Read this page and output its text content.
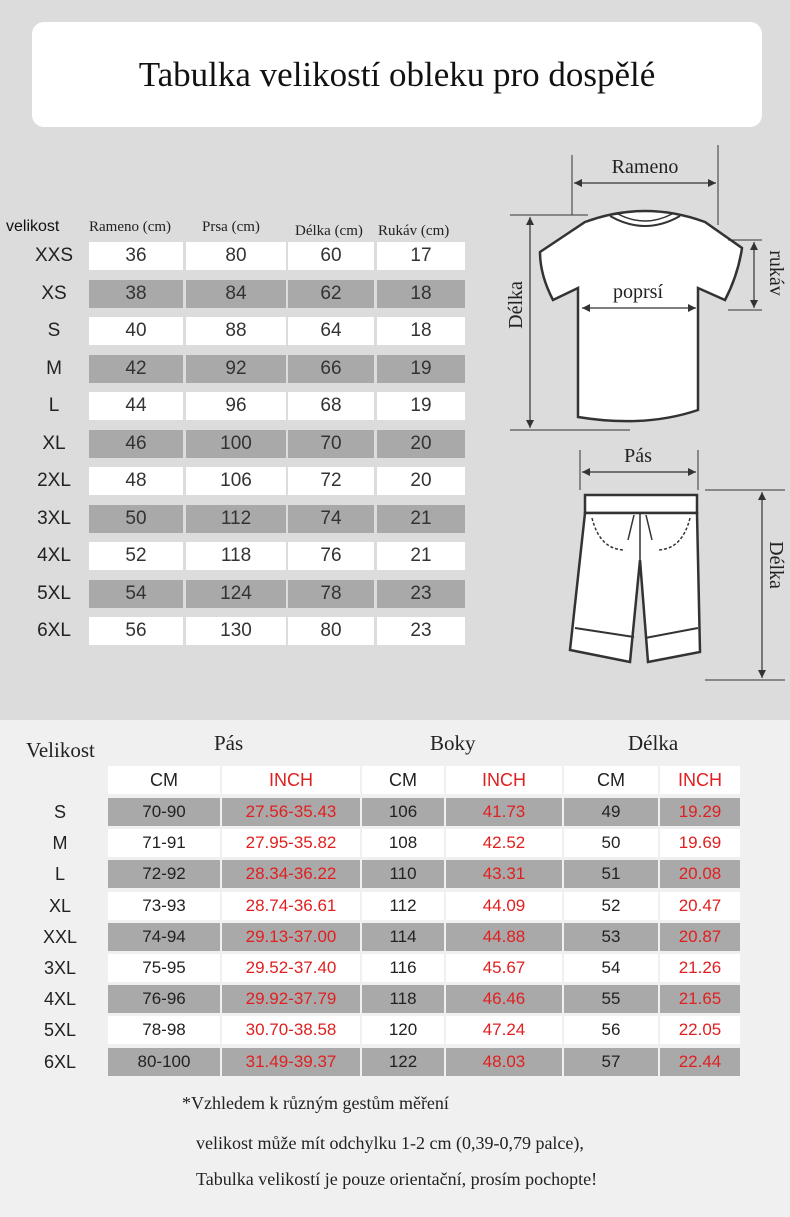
Tabulka velikostí obleku pro dospělé
velikost Rameno (cm) Prsa (cm) Délka (cm) Rukáv (cm)
XXS	36	80	60	17
XS	38	84	62	18
S	40	88	64	18
M	42	92	66	19
L	44	96	68	19
XL	46	100	70	20
2XL	48	106	72	20
3XL	50	112	74	21
4XL	52	118	76	21
5XL	54	124	78	23
6XL	56	130	80	23
Rameno
poprsí	rukáv
Délka
Pás
Délka
Velikost	Pás	Boky	Délka
CM	INCH	CM	INCH	CM	INCH
S	70-90	27.56-35.43	106	41.73	49	19.29
M	71-91	27.95-35.82	108	42.52	50	19.69
L	72-92	28.34-36.22	110	43.31	51	20.08
XL	73-93	28.74-36.61	112	44.09	52	20.47
XXL	74-94	29.13-37.00	114	44.88	53	20.87
3XL	75-95	29.52-37.40	116	45.67	54	21.26
4XL	76-96	29.92-37.79	118	46.46	55	21.65
5XL	78-98	30.70-38.58	120	47.24	56	22.05
6XL	80-100	31.49-39.37	122	48.03	57	22.44
*Vzhledem k různým gestům měření
velikost může mít odchylku 1-2 cm (0,39-0,79 palce),
Tabulka velikostí je pouze orientační, prosím pochopte!
